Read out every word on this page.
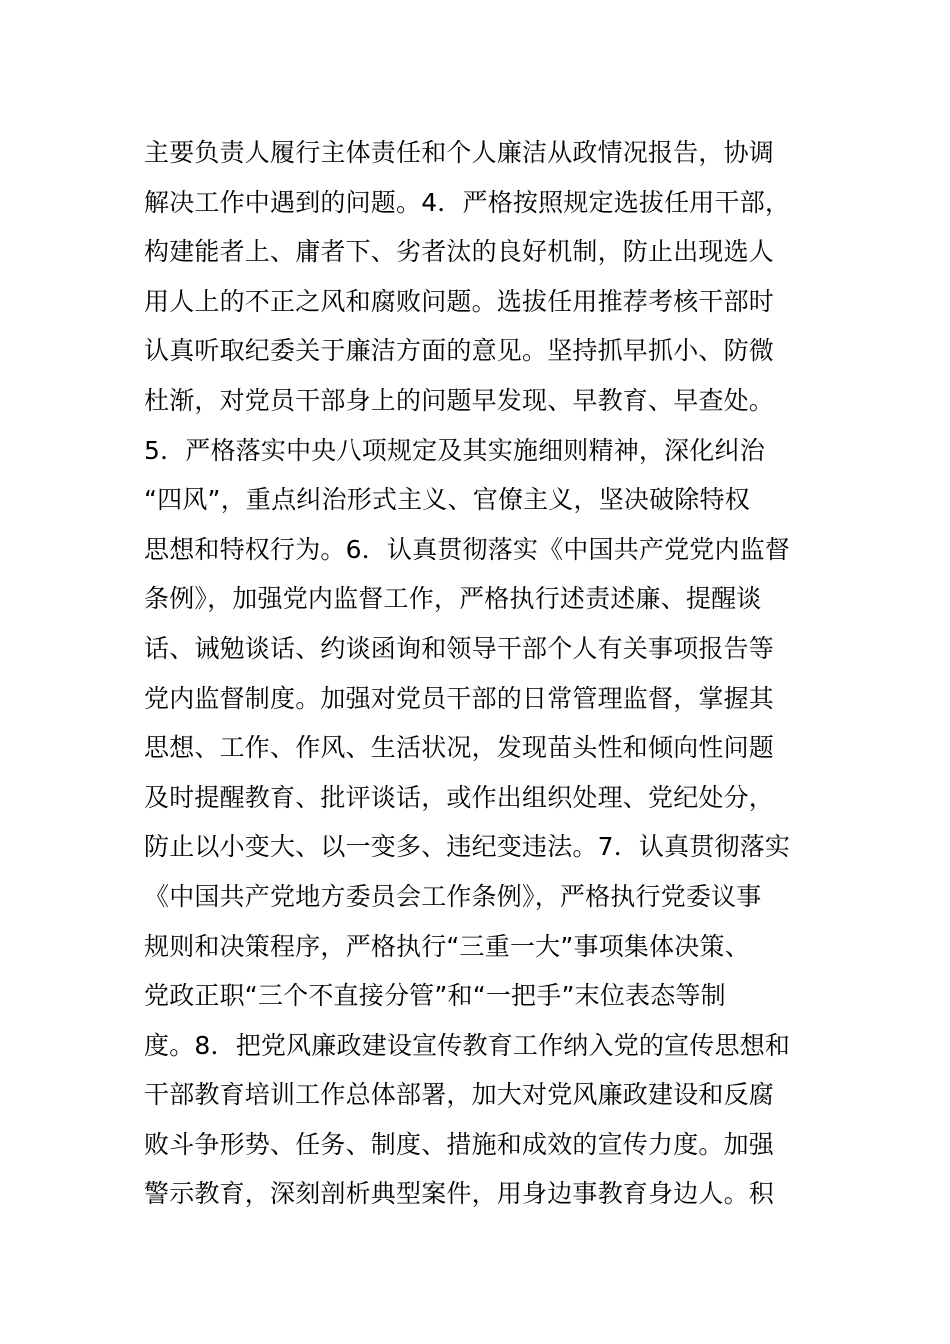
主要负责人履行主体责任和个人廉洁从政情况报告，协调
解决工作中遇到的问题。4．严格按照规定选拔任用干部，
构建能者上、庸者下、劣者汰的良好机制，防止出现选人
用人上的不正之风和腐败问题。选拔任用推荐考核干部时
认真听取纪委关于廉洁方面的意见。坚持抓早抓小、防微
杜渐，对党员干部身上的问题早发现、早教育、早查处。
5．严格落实中央八项规定及其实施细则精神，深化纠治
“四风”，重点纠治形式主义、官僚主义，坚决破除特权
思想和特权行为。6．认真贯彻落实《中国共产党党内监督
条例》，加强党内监督工作，严格执行述责述廉、提醒谈
话、诫勉谈话、约谈函询和领导干部个人有关事项报告等
党内监督制度。加强对党员干部的日常管理监督，掌握其
思想、工作、作风、生活状况，发现苗头性和倾向性问题
及时提醒教育、批评谈话，或作出组织处理、党纪处分，
防止以小变大、以一变多、违纪变违法。7．认真贯彻落实
《中国共产党地方委员会工作条例》，严格执行党委议事
规则和决策程序，严格执行“三重一大”事项集体决策、
党政正职“三个不直接分管”和“一把手”末位表态等制
度。8．把党风廉政建设宣传教育工作纳入党的宣传思想和
干部教育培训工作总体部署，加大对党风廉政建设和反腐
败斗争形势、任务、制度、措施和成效的宣传力度。加强
警示教育，深刻剖析典型案件，用身边事教育身边人。积
